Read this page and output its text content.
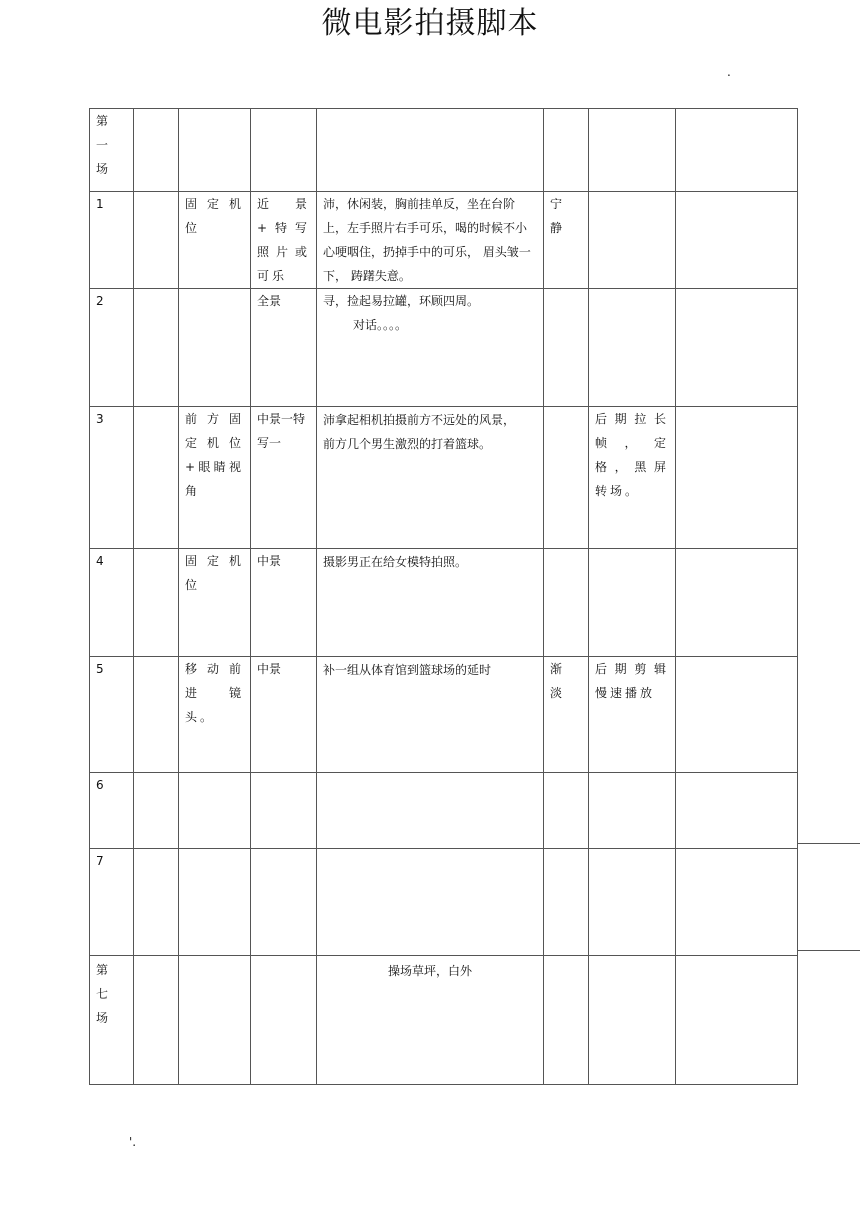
微电影拍摄脚本
.
第一场							

1		固定机位	近景+特写照片或可乐	沛，休闲装，胸前挂单反，坐在台阶上，左手照片右手可乐，喝的时候不小心哽咽住，扔掉手中的可乐， 眉头皱一下， 踌躇失意。	宁静		

2			全景	寻，捡起易拉罐，环顾四周。
对话。。。。			

3		前方固定机位 +眼睛视角	中景一特写一	沛拿起相机拍摄前方不远处的风景，前方几个男生激烈的打着篮球。		后期拉长帧，定格，黑屏转场。	
4		固定机位	中景	摄影男正在给女模特拍照。			
5		移动前进镜头。	中景	补一组从体育馆到篮球场的延时	渐淡	后期剪辑慢速播放	
6							
7							

第七场				操场草坪，白外			
'.
